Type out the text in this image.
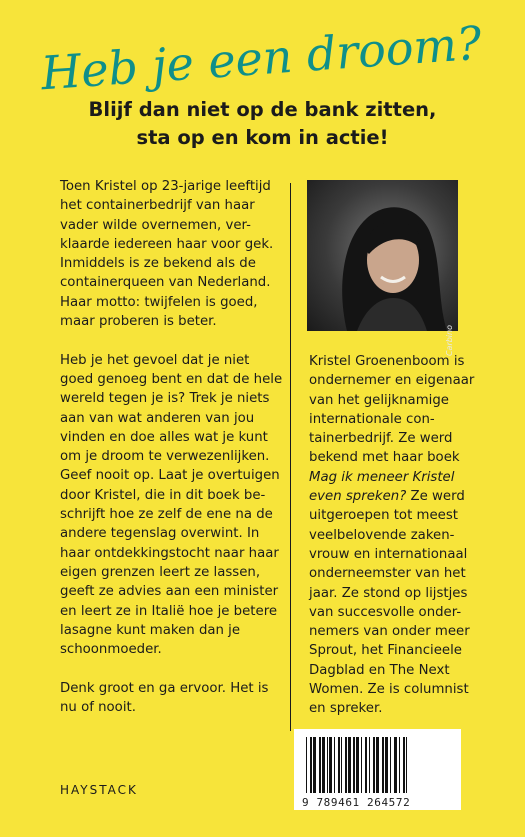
Heb je een droom?
Blijf dan niet op de bank zitten,
sta op en kom in actie!

Toen Kristel op 23-jarige leeftijd
het containerbedrijf van haar
vader wilde overnemen, ver-
klaarde iedereen haar voor gek.
Inmiddels is ze bekend als de
containerqueen van Nederland.
Haar motto: twijfelen is goed,
maar proberen is beter.

Heb je het gevoel dat je niet
goed genoeg bent en dat de hele
wereld tegen je is? Trek je niets
aan van wat anderen van jou
vinden en doe alles wat je kunt
om je droom te verwezenlijken.
Geef nooit op. Laat je overtuigen
door Kristel, die in dit boek be-
schrijft hoe ze zelf de ene na de
andere tegenslag overwint. In
haar ontdekkingstocht naar haar
eigen grenzen leert ze lassen,
geeft ze advies aan een minister
en leert ze in Italië hoe je betere
lasagne kunt maken dan je
schoonmoeder.

Denk groot en ga ervoor. Het is
nu of nooit.

Carbino
Kristel Groenenboom is
ondernemer en eigenaar
van het gelijknamige
internationale con-
tainerbedrijf. Ze werd
bekend met haar boek
Mag ik meneer Kristel
even spreken? Ze werd
uitgeroepen tot meest
veelbelovende zaken-
vrouw en internationaal
onderneemster van het
jaar. Ze stond op lijstjes
van succesvolle onder-
nemers van onder meer
Sprout, het Financieele
Dagblad en The Next
Women. Ze is columnist
en spreker.
HAYSTACK
9 789461 264572
